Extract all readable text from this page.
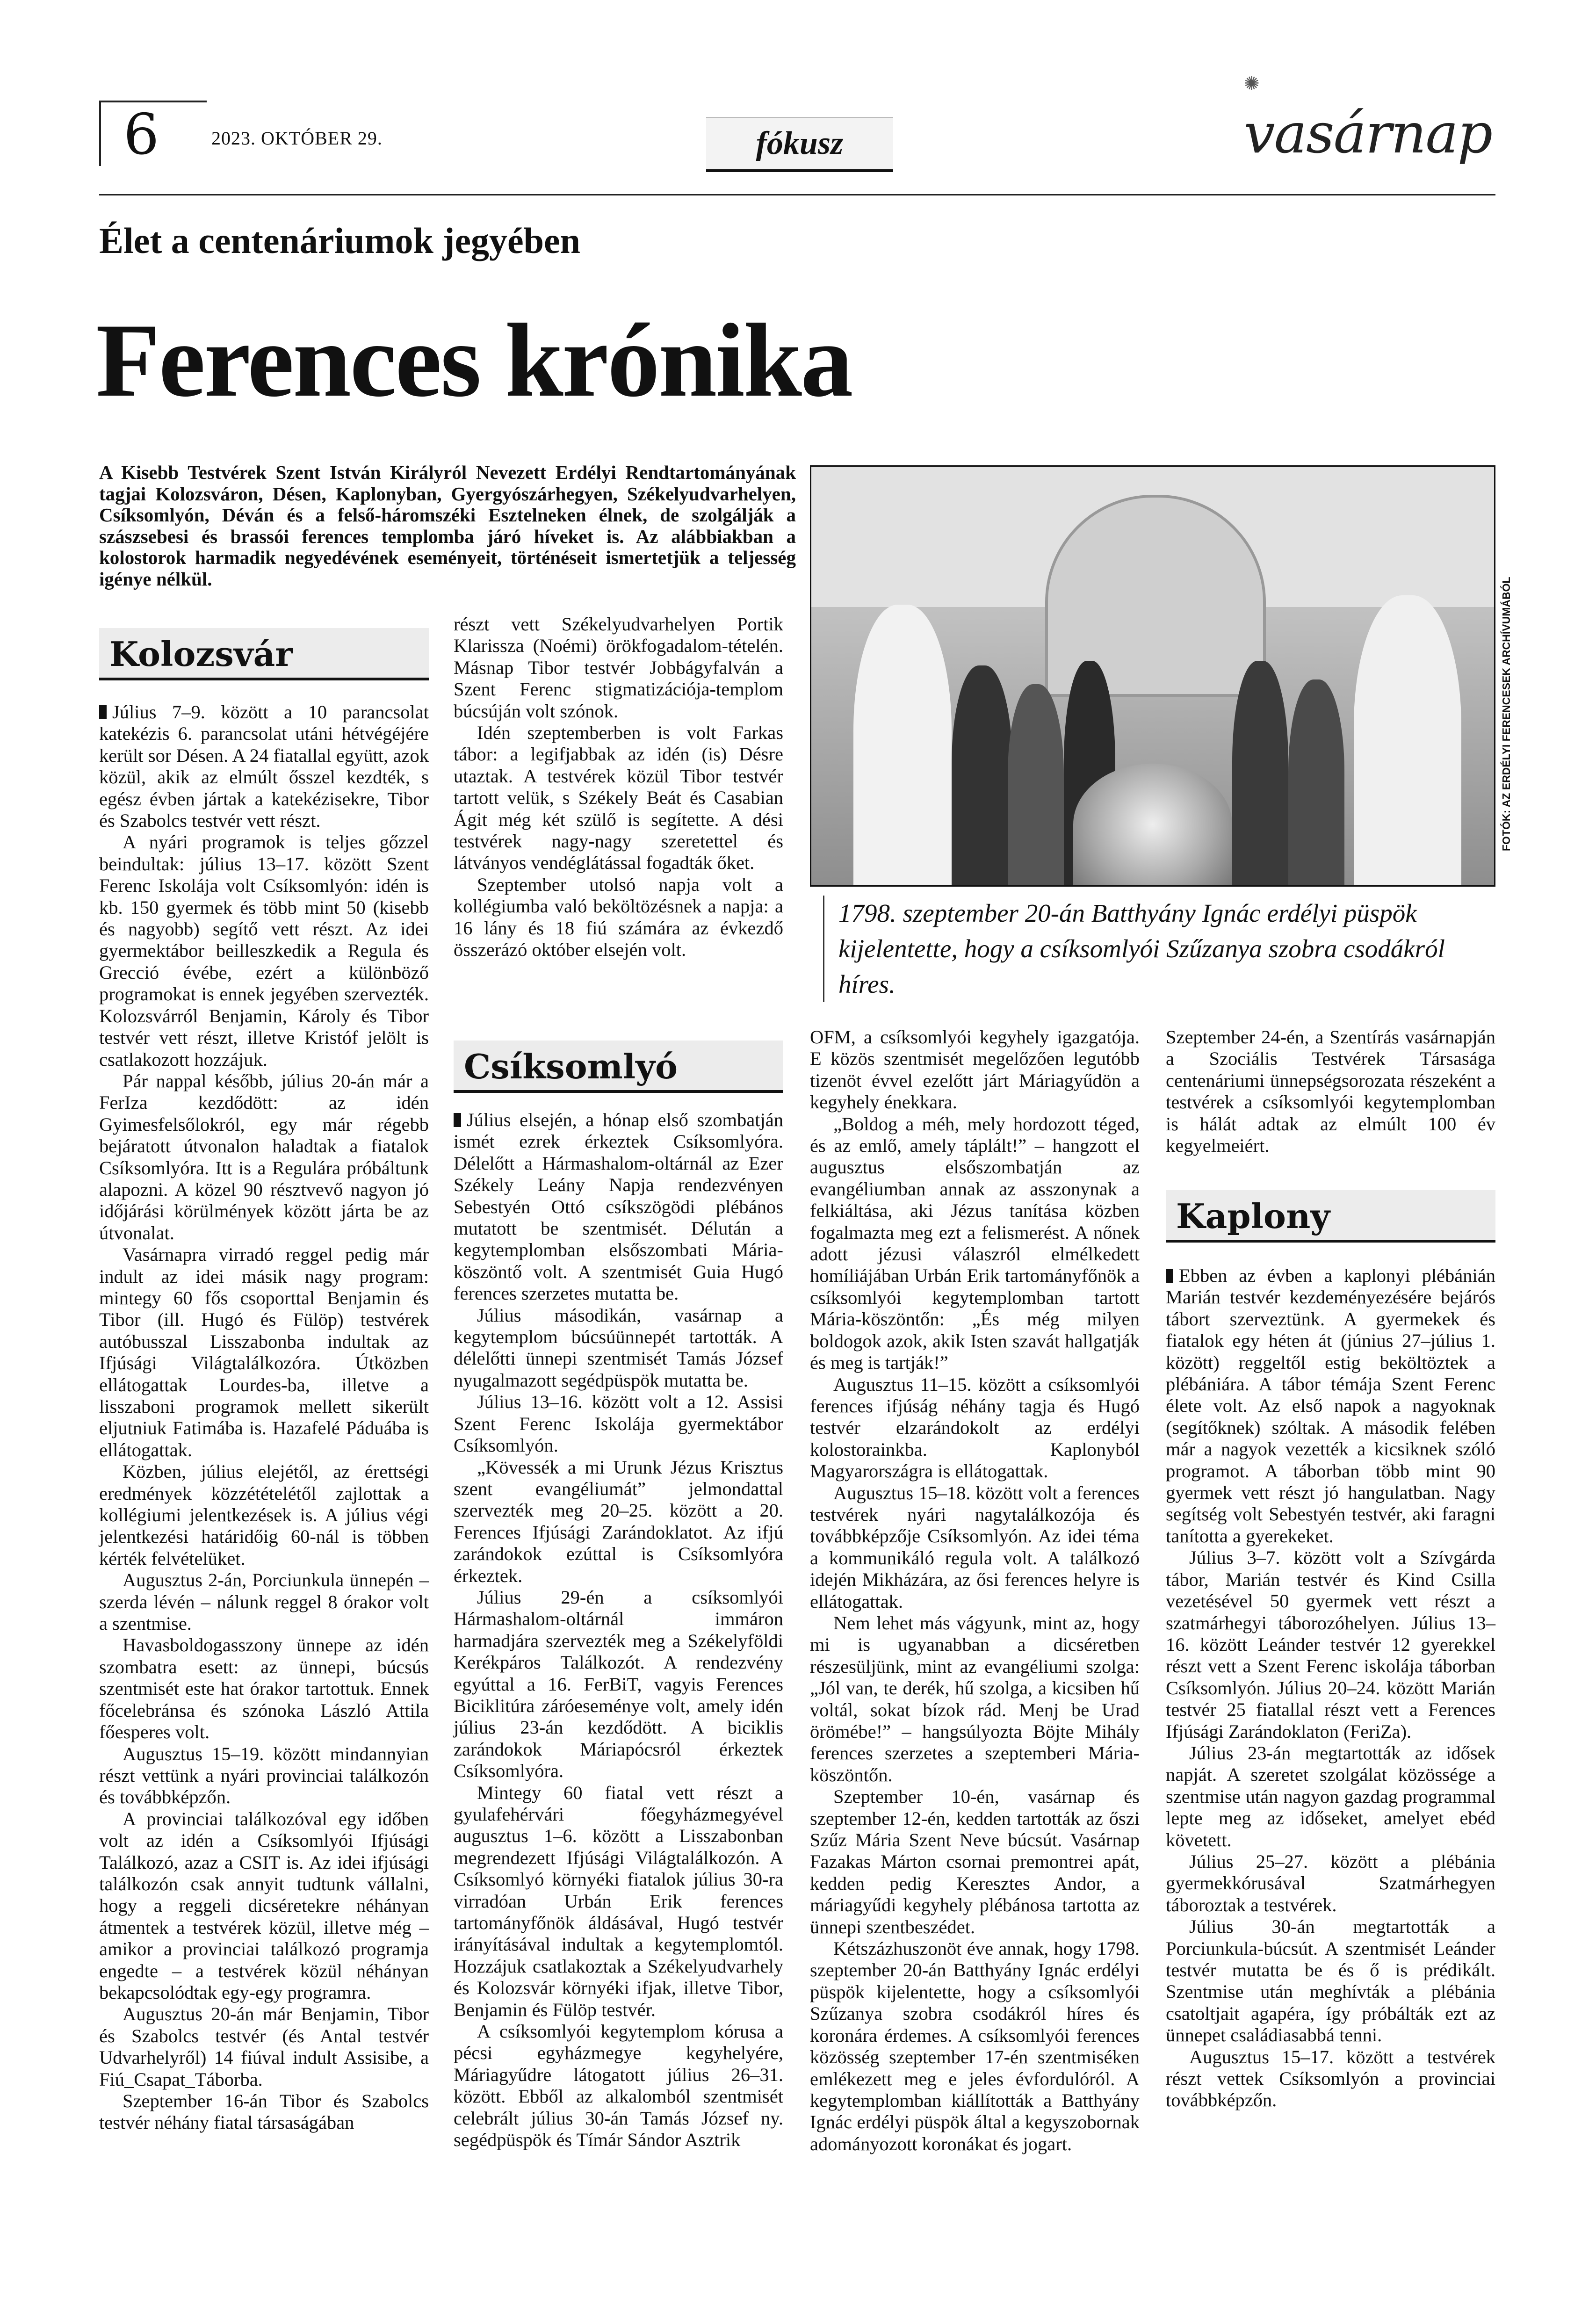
6	2023. OKTÓBER 29.	fókusz
✺
vasárnap
Élet a centenáriumok jegyében
Ferences krónika
A Kisebb Testvérek Szent István Királyról Nevezett Erdélyi Rendtartományának tagjai Kolozsváron, Désen, Kaplonyban, Gyergyószárhegyen, Székelyudvarhelyen, Csíksomlyón, Déván és a felső-háromszéki Esztelneken élnek, de szolgálják a szászsebesi és brassói ferences templomba járó híveket is. Az alábbiakban a kolostorok harmadik negyedévének eseményeit, történéseit ismertetjük a teljesség igénye nélkül.	FOTÓK: AZ ERDÉLYI FERENCESEK ARCHÍVUMÁBÓL
1798. szeptember 20-án Batthyány Ignác erdélyi püspök kijelentette, hogy a csíksomlyói Szűzanya szobra csodákról híres.
Kolozsvár

Július 7–9. között a 10 parancsolat katekézis 6. parancsolat utáni hétvégéjére került sor Désen. A 24 fiatallal együtt, azok közül, akik az elmúlt ősszel kezdték, s egész évben jártak a katekézisekre, Tibor és Szabolcs testvér vett részt.

A nyári programok is teljes gőzzel beindultak: július 13–17. között Szent Ferenc Iskolája volt Csíksomlyón: idén is kb. 150 gyermek és több mint 50 (kisebb és nagyobb) segítő vett részt. Az idei gyermektábor beilleszkedik a Regula és Grecció évébe, ezért a különböző programokat is ennek jegyében szervezték. Kolozsvárról Benjamin, Károly és Tibor testvér vett részt, illetve Kristóf jelölt is csatlakozott hozzájuk.

Pár nappal később, július 20-án már a FerIza kezdődött: az idén Gyimesfelsőlokról, egy már régebb bejáratott útvonalon haladtak a fiatalok Csíksomlyóra. Itt is a Regulára próbáltunk alapozni. A közel 90 résztvevő nagyon jó időjárási körülmények között járta be az útvonalat.

Vasárnapra virradó reggel pedig már indult az idei másik nagy program: mintegy 60 fős csoporttal Benjamin és Tibor (ill. Hugó és Fülöp) testvérek autóbusszal Lisszabonba indultak az Ifjúsági Világtalálkozóra. Útközben ellátogattak Lourdes-ba, illetve a lisszaboni programok mellett sikerült eljutniuk Fatimába is. Hazafelé Páduába is ellátogattak.

Közben, július elejétől, az érettségi eredmények közzétételétől zajlottak a kollégiumi jelentkezések is. A július végi jelentkezési határidőig 60-nál is többen kérték felvételüket.

Augusztus 2-án, Porciunkula ünnepén – szerda lévén – nálunk reggel 8 órakor volt a szentmise.

Havasboldogasszony ünnepe az idén szombatra esett: az ünnepi, búcsús szentmisét este hat órakor tartottuk. Ennek főcelebránsa és szónoka László Attila főesperes volt.

Augusztus 15–19. között mindannyian részt vettünk a nyári provinciai találkozón és továbbképzőn.

A provinciai találkozóval egy időben volt az idén a Csíksomlyói Ifjúsági Találkozó, azaz a CSIT is. Az idei ifjúsági találkozón csak annyit tudtunk vállalni, hogy a reggeli dicséretekre néhányan átmentek a testvérek közül, illetve még – amikor a provinciai találkozó programja engedte – a testvérek közül néhányan bekapcsolódtak egy-egy programra.

Augusztus 20-án már Benjamin, Tibor és Szabolcs testvér (és Antal testvér Udvarhelyről) 14 fiúval indult Assisibe, a Fiú_Csapat_Táborba.

Szeptember 16-án Tibor és Szabolcs testvér néhány fiatal társaságában

részt vett Székelyudvarhelyen Portik Klarissza (Noémi) örökfogadalom-tételén. Másnap Tibor testvér Jobbágyfalván a Szent Ferenc stigmatizációja-templom búcsúján volt szónok.

Idén szeptemberben is volt Farkas tábor: a legifjabbak az idén (is) Désre utaztak. A testvérek közül Tibor testvér tartott velük, s Székely Beát és Casabian Ágit még két szülő is segítette. A dési testvérek nagy-nagy szeretettel és látványos vendéglátással fogadták őket.

Szeptember utolsó napja volt a kollégiumba való beköltözésnek a napja: a 16 lány és 18 fiú számára az évkezdő összerázó október elsején volt.

Csíksomlyó

Július elsején, a hónap első szombatján ismét ezrek érkeztek Csíksomlyóra. Délelőtt a Hármashalom-oltárnál az Ezer Székely Leány Napja rendezvényen Sebestyén Ottó csíkszögödi plébános mutatott be szentmisét. Délután a kegytemplomban elsőszombati Mária-köszöntő volt. A szentmisét Guia Hugó ferences szerzetes mutatta be.

Július másodikán, vasárnap a kegytemplom búcsúünnepét tartották. A délelőtti ünnepi szentmisét Tamás József nyugalmazott segédpüspök mutatta be.

Július 13–16. között volt a 12. Assisi Szent Ferenc Iskolája gyermektábor Csíksomlyón.

„Kövessék a mi Urunk Jézus Krisztus szent evangéliumát” jelmondattal szervezték meg 20–25. között a 20. Ferences Ifjúsági Zarándoklatot. Az ifjú zarándokok ezúttal is Csíksomlyóra érkeztek.

Július 29-én a csíksomlyói Hármashalom-oltárnál immáron harmadjára szervezték meg a Székelyföldi Kerékpáros Találkozót. A rendezvény egyúttal a 16. FerBiT, vagyis Ferences Biciklitúra záróeseménye volt, amely idén július 23-án kezdődött. A biciklis zarándokok Máriapócsról érkeztek Csíksomlyóra.

Mintegy 60 fiatal vett részt a gyulafehérvári főegyházmegyével augusztus 1–6. között a Lisszabonban megrendezett Ifjúsági Világtalálkozón. A Csíksomlyó környéki fiatalok július 30-ra virradóan Urbán Erik ferences tartományfőnök áldásával, Hugó testvér irányításával indultak a kegytemplomtól. Hozzájuk csatlakoztak a Székelyudvarhely és Kolozsvár környéki ifjak, illetve Tibor, Benjamin és Fülöp testvér.

A csíksomlyói kegytemplom kórusa a pécsi egyházmegye kegyhelyére, Máriagyűdre látogatott július 26–31. között. Ebből az alkalomból szentmisét celebrált július 30-án Tamás József ny. segédpüspök és Tímár Sándor Asztrik

OFM, a csíksomlyói kegyhely igazgatója. E közös szentmisét megelőzően legutóbb tizenöt évvel ezelőtt járt Máriagyűdön a kegyhely énekkara.

„Boldog a méh, mely hordozott téged, és az emlő, amely táplált!” – hangzott el augusztus elsőszombatján az evangéliumban annak az asszonynak a felkiáltása, aki Jézus tanítása közben fogalmazta meg ezt a felismerést. A nőnek adott jézusi válaszról elmélkedett homíliájában Urbán Erik tartományfőnök a csíksomlyói kegytemplomban tartott Mária-köszöntőn: „És még milyen boldogok azok, akik Isten szavát hallgatják és meg is tartják!”

Augusztus 11–15. között a csíksomlyói ferences ifjúság néhány tagja és Hugó testvér elzarándokolt az erdélyi kolostorainkba. Kaplonyból Magyarországra is ellátogattak.

Augusztus 15–18. között volt a ferences testvérek nyári nagytalálkozója és továbbképzője Csíksomlyón. Az idei téma a kommunikáló regula volt. A találkozó idején Mikházára, az ősi ferences helyre is ellátogattak.

Nem lehet más vágyunk, mint az, hogy mi is ugyanabban a dicséretben részesüljünk, mint az evangéliumi szolga: „Jól van, te derék, hű szolga, a kicsiben hű voltál, sokat bízok rád. Menj be Urad örömébe!” – hangsúlyozta Böjte Mihály ferences szerzetes a szeptemberi Mária-köszöntőn.

Szeptember 10-én, vasárnap és szeptember 12-én, kedden tartották az őszi Szűz Mária Szent Neve búcsút. Vasárnap Fazakas Márton csornai premontrei apát, kedden pedig Keresztes Andor, a máriagyűdi kegyhely plébánosa tartotta az ünnepi szentbeszédet.

Kétszázhuszonöt éve annak, hogy 1798. szeptember 20-án Batthyány Ignác erdélyi püspök kijelentette, hogy a csíksomlyói Szűzanya szobra csodákról híres és koronára érdemes. A csíksomlyói ferences közösség szeptember 17-én szentmiséken emlékezett meg e jeles évfordulóról. A kegytemplomban kiállították a Batthyány Ignác erdélyi püspök által a kegyszobornak adományozott koronákat és jogart.

Szeptember 24-én, a Szentírás vasárnapján a Szociális Testvérek Társasága centenáriumi ünnepségsorozata részeként a testvérek a csíksomlyói kegytemplomban is hálát adtak az elmúlt 100 év kegyelmeiért.

Kaplony

Ebben az évben a kaplonyi plébánián Marián testvér kezdeményezésére bejárós tábort szerveztünk. A gyermekek és fiatalok egy héten át (június 27–július 1. között) reggeltől estig beköltöztek a plébániára. A tábor témája Szent Ferenc élete volt. Az első napok a nagyoknak (segítőknek) szóltak. A második felében már a nagyok vezették a kicsiknek szóló programot. A táborban több mint 90 gyermek vett részt jó hangulatban. Nagy segítség volt Sebestyén testvér, aki faragni tanította a gyerekeket.

Július 3–7. között volt a Szívgárda tábor, Marián testvér és Kind Csilla vezetésével 50 gyermek vett részt a szatmárhegyi táborozóhelyen. Július 13–16. között Leánder testvér 12 gyerekkel részt vett a Szent Ferenc iskolája táborban Csíksomlyón. Július 20–24. között Marián testvér 25 fiatallal részt vett a Ferences Ifjúsági Zarándoklaton (FeriZa).

Július 23-án megtartották az idősek napját. A szeretet szolgálat közössége a szentmise után nagyon gazdag programmal lepte meg az időseket, amelyet ebéd követett.

Július 25–27. között a plébánia gyermekkórusával Szatmárhegyen táboroztak a testvérek.

Július 30-án megtartották a Porciunkula-búcsút. A szentmisét Leánder testvér mutatta be és ő is prédikált. Szentmise után meghívták a plébánia csatoltjait agapéra, így próbálták ezt az ünnepet családiasabbá tenni.

Augusztus 15–17. között a testvérek részt vettek Csíksomlyón a provinciai továbbképzőn.
